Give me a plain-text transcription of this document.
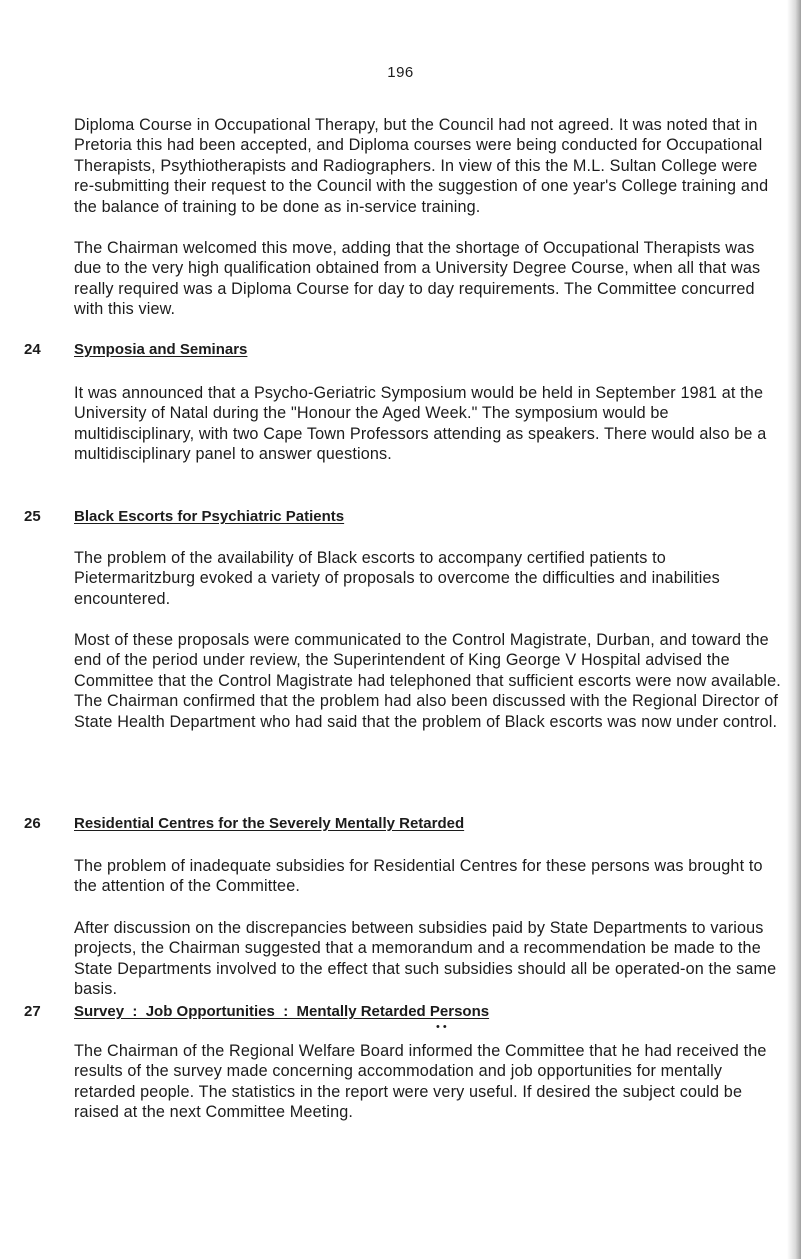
196

Diploma Course in Occupational Therapy, but the Council had not agreed. It was noted that in Pretoria this had been accepted, and Diploma courses were being conducted for Occupational Therapists, Psythiotherapists and Radiographers. In view of this the M.L. Sultan College were re-submitting their request to the Council with the suggestion of one year's College training and the balance of training to be done as in-service training.

The Chairman welcomed this move, adding that the shortage of Occupational Therapists was due to the very high qualification obtained from a University Degree Course, when all that was really required was a Diploma Course for day to day requirements. The Committee concurred with this view.

24 Symposia and Seminars

It was announced that a Psycho-Geriatric Symposium would be held in September 1981 at the University of Natal during the "Honour the Aged Week." The symposium would be multidisciplinary, with two Cape Town Professors attending as speakers. There would also be a multidisciplinary panel to answer questions.

25 Black Escorts for Psychiatric Patients

The problem of the availability of Black escorts to accompany certified patients to Pietermaritzburg evoked a variety of proposals to overcome the difficulties and inabilities encountered.

Most of these proposals were communicated to the Control Magistrate, Durban, and toward the end of the period under review, the Superintendent of King George V Hospital advised the Committee that the Control Magistrate had telephoned that sufficient escorts were now available. The Chairman confirmed that the problem had also been discussed with the Regional Director of State Health Department who had said that the problem of Black escorts was now under control.

26 Residential Centres for the Severely Mentally Retarded

The problem of inadequate subsidies for Residential Centres for these persons was brought to the attention of the Committee.

After discussion on the discrepancies between subsidies paid by State Departments to various projects, the Chairman suggested that a memorandum and a recommendation be made to the State Departments involved to the effect that such subsidies should all be operated-on the same basis.

27 Survey  :  Job Opportunities  :  Mentally Retarded Persons
••

The Chairman of the Regional Welfare Board informed the Committee that he had received the results of the survey made concerning accommodation and job opportunities for mentally retarded people. The statistics in the report were very useful. If desired the subject could be raised at the next Committee Meeting.
